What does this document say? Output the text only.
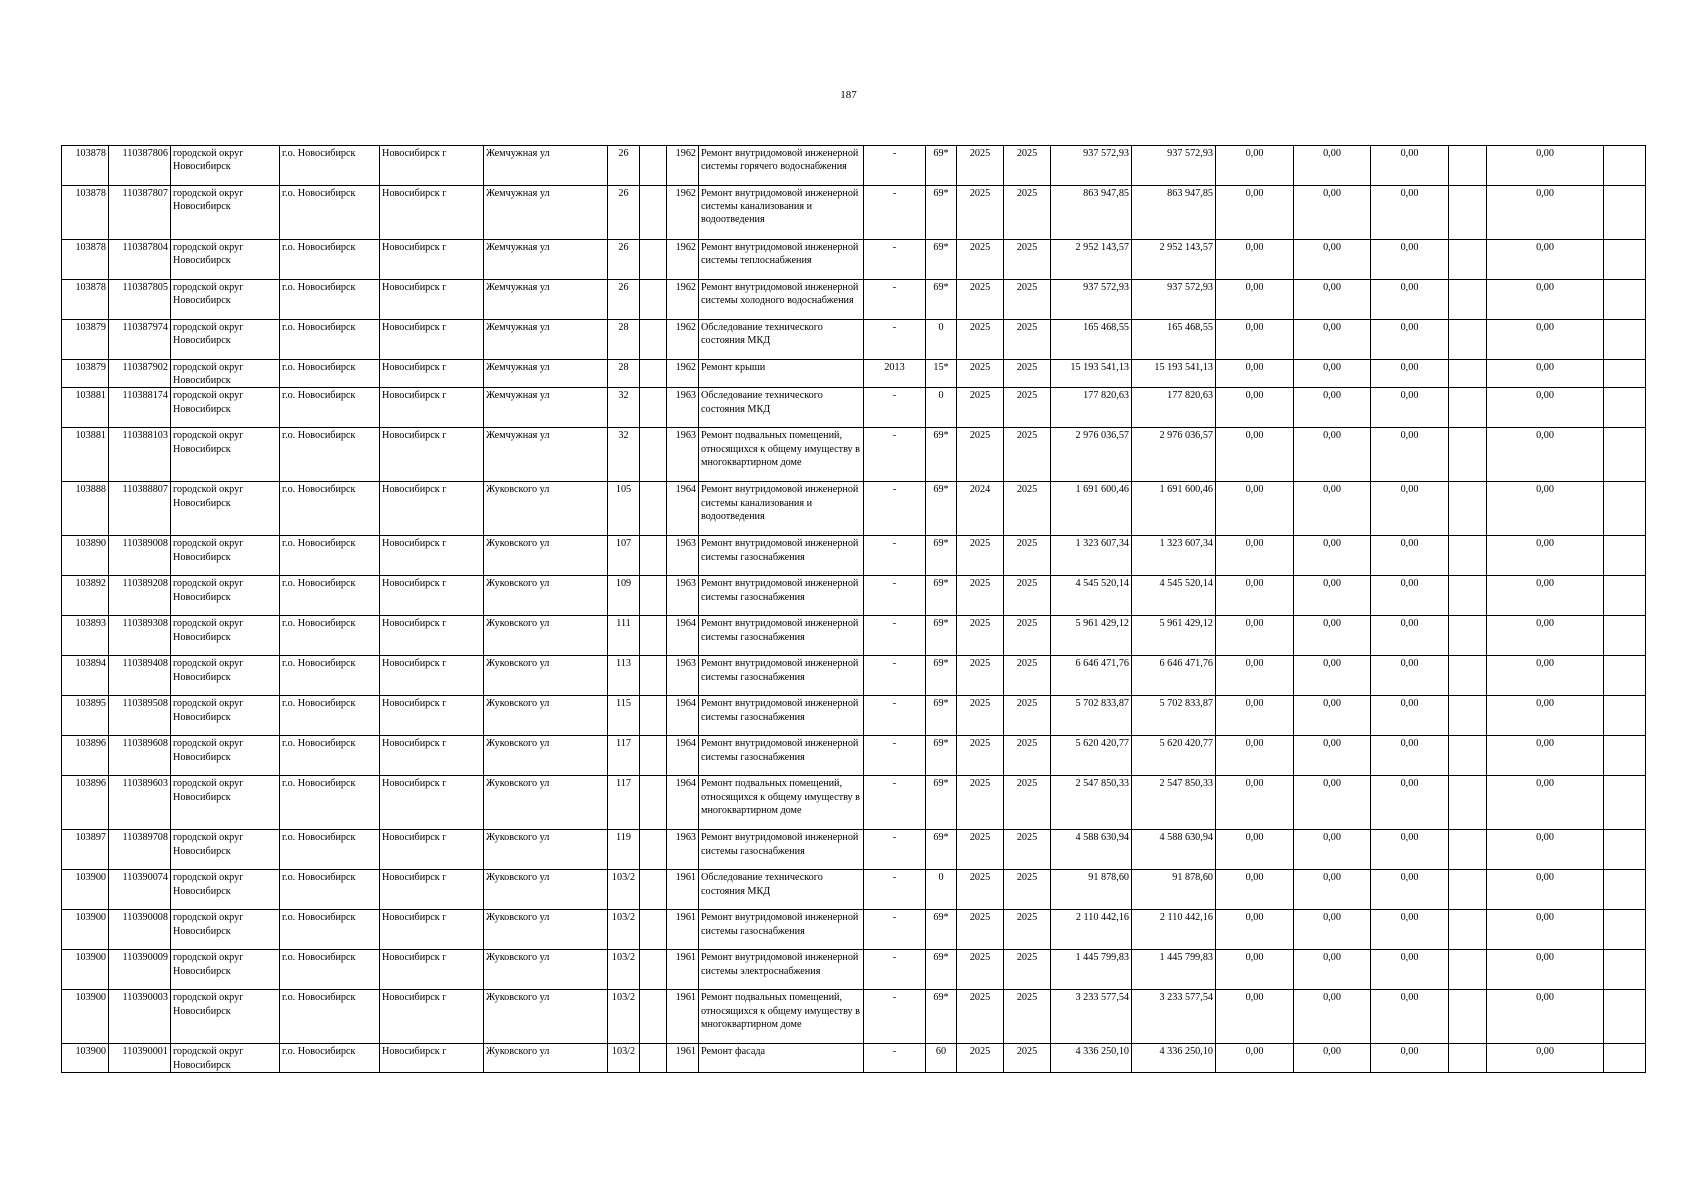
187
103878	110387806	городской округ Новосибирск	г.о. Новосибирск	Новосибирск г	Жемчужная ул	26		1962	Ремонт внутридомовой инженерной системы горячего водоснабжения	-	69*	2025	2025	937 572,93	937 572,93	0,00	0,00	0,00		0,00	
103878	110387807	городской округ Новосибирск	г.о. Новосибирск	Новосибирск г	Жемчужная ул	26		1962	Ремонт внутридомовой инженерной системы канализования и водоотведения	-	69*	2025	2025	863 947,85	863 947,85	0,00	0,00	0,00		0,00	
103878	110387804	городской округ Новосибирск	г.о. Новосибирск	Новосибирск г	Жемчужная ул	26		1962	Ремонт внутридомовой инженерной системы теплоснабжения	-	69*	2025	2025	2 952 143,57	2 952 143,57	0,00	0,00	0,00		0,00	
103878	110387805	городской округ Новосибирск	г.о. Новосибирск	Новосибирск г	Жемчужная ул	26		1962	Ремонт внутридомовой инженерной системы холодного водоснабжения	-	69*	2025	2025	937 572,93	937 572,93	0,00	0,00	0,00		0,00	
103879	110387974	городской округ Новосибирск	г.о. Новосибирск	Новосибирск г	Жемчужная ул	28		1962	Обследование технического состояния МКД	-	0	2025	2025	165 468,55	165 468,55	0,00	0,00	0,00		0,00	
103879	110387902	городской округ Новосибирск	г.о. Новосибирск	Новосибирск г	Жемчужная ул	28		1962	Ремонт крыши	2013	15*	2025	2025	15 193 541,13	15 193 541,13	0,00	0,00	0,00		0,00	
103881	110388174	городской округ Новосибирск	г.о. Новосибирск	Новосибирск г	Жемчужная ул	32		1963	Обследование технического состояния МКД	-	0	2025	2025	177 820,63	177 820,63	0,00	0,00	0,00		0,00	
103881	110388103	городской округ Новосибирск	г.о. Новосибирск	Новосибирск г	Жемчужная ул	32		1963	Ремонт подвальных помещений, относящихся к общему имуществу в многоквартирном доме	-	69*	2025	2025	2 976 036,57	2 976 036,57	0,00	0,00	0,00		0,00	
103888	110388807	городской округ Новосибирск	г.о. Новосибирск	Новосибирск г	Жуковского ул	105		1964	Ремонт внутридомовой инженерной системы канализования и водоотведения	-	69*	2024	2025	1 691 600,46	1 691 600,46	0,00	0,00	0,00		0,00	
103890	110389008	городской округ Новосибирск	г.о. Новосибирск	Новосибирск г	Жуковского ул	107		1963	Ремонт внутридомовой инженерной системы газоснабжения	-	69*	2025	2025	1 323 607,34	1 323 607,34	0,00	0,00	0,00		0,00	
103892	110389208	городской округ Новосибирск	г.о. Новосибирск	Новосибирск г	Жуковского ул	109		1963	Ремонт внутридомовой инженерной системы газоснабжения	-	69*	2025	2025	4 545 520,14	4 545 520,14	0,00	0,00	0,00		0,00	
103893	110389308	городской округ Новосибирск	г.о. Новосибирск	Новосибирск г	Жуковского ул	111		1964	Ремонт внутридомовой инженерной системы газоснабжения	-	69*	2025	2025	5 961 429,12	5 961 429,12	0,00	0,00	0,00		0,00	
103894	110389408	городской округ Новосибирск	г.о. Новосибирск	Новосибирск г	Жуковского ул	113		1963	Ремонт внутридомовой инженерной системы газоснабжения	-	69*	2025	2025	6 646 471,76	6 646 471,76	0,00	0,00	0,00		0,00	
103895	110389508	городской округ Новосибирск	г.о. Новосибирск	Новосибирск г	Жуковского ул	115		1964	Ремонт внутридомовой инженерной системы газоснабжения	-	69*	2025	2025	5 702 833,87	5 702 833,87	0,00	0,00	0,00		0,00	
103896	110389608	городской округ Новосибирск	г.о. Новосибирск	Новосибирск г	Жуковского ул	117		1964	Ремонт внутридомовой инженерной системы газоснабжения	-	69*	2025	2025	5 620 420,77	5 620 420,77	0,00	0,00	0,00		0,00	
103896	110389603	городской округ Новосибирск	г.о. Новосибирск	Новосибирск г	Жуковского ул	117		1964	Ремонт подвальных помещений, относящихся к общему имуществу в многоквартирном доме	-	69*	2025	2025	2 547 850,33	2 547 850,33	0,00	0,00	0,00		0,00	
103897	110389708	городской округ Новосибирск	г.о. Новосибирск	Новосибирск г	Жуковского ул	119		1963	Ремонт внутридомовой инженерной системы газоснабжения	-	69*	2025	2025	4 588 630,94	4 588 630,94	0,00	0,00	0,00		0,00	
103900	110390074	городской округ Новосибирск	г.о. Новосибирск	Новосибирск г	Жуковского ул	103/2		1961	Обследование технического состояния МКД	-	0	2025	2025	91 878,60	91 878,60	0,00	0,00	0,00		0,00	
103900	110390008	городской округ Новосибирск	г.о. Новосибирск	Новосибирск г	Жуковского ул	103/2		1961	Ремонт внутридомовой инженерной системы газоснабжения	-	69*	2025	2025	2 110 442,16	2 110 442,16	0,00	0,00	0,00		0,00	
103900	110390009	городской округ Новосибирск	г.о. Новосибирск	Новосибирск г	Жуковского ул	103/2		1961	Ремонт внутридомовой инженерной системы электроснабжения	-	69*	2025	2025	1 445 799,83	1 445 799,83	0,00	0,00	0,00		0,00	
103900	110390003	городской округ Новосибирск	г.о. Новосибирск	Новосибирск г	Жуковского ул	103/2		1961	Ремонт подвальных помещений, относящихся к общему имуществу в многоквартирном доме	-	69*	2025	2025	3 233 577,54	3 233 577,54	0,00	0,00	0,00		0,00	
103900	110390001	городской округ Новосибирск	г.о. Новосибирск	Новосибирск г	Жуковского ул	103/2		1961	Ремонт фасада	-	60	2025	2025	4 336 250,10	4 336 250,10	0,00	0,00	0,00		0,00	
